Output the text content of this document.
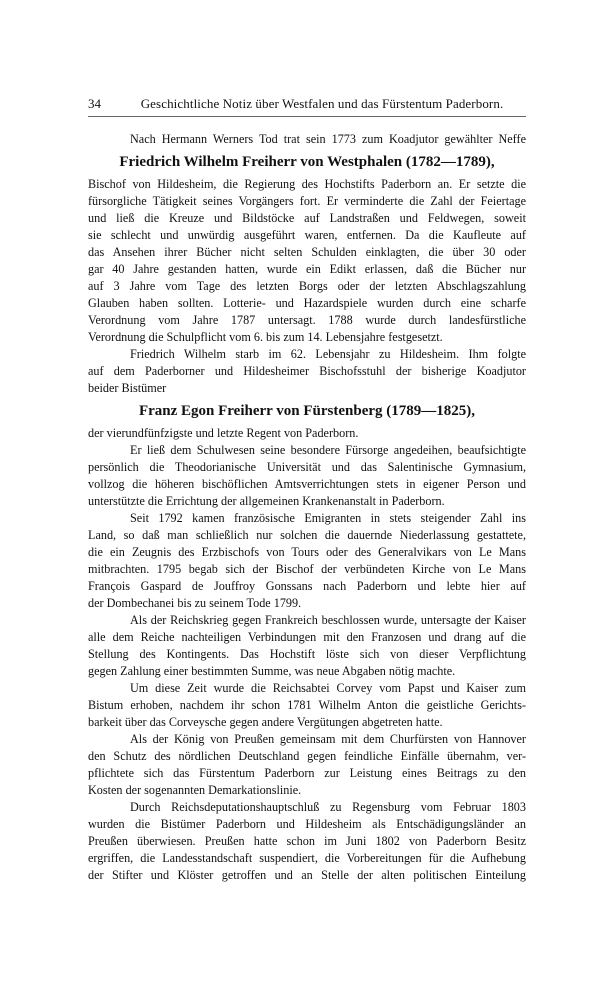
34	Geschichtliche Notiz über Westfalen und das Fürstentum Paderborn.
Nach Hermann Werners Tod trat sein 1773 zum Koadjutor gewählter Neffe
Friedrich Wilhelm Freiherr von Westphalen (1782—1789),
Bischof von Hildesheim, die Regierung des Hochstifts Paderborn an. Er setzte die
fürsorgliche Tätigkeit seines Vorgängers fort. Er verminderte die Zahl der Feiertage
und ließ die Kreuze und Bildstöcke auf Landstraßen und Feldwegen, soweit
sie schlecht und unwürdig ausgeführt waren, entfernen. Da die Kaufleute auf
das Ansehen ihrer Bücher nicht selten Schulden einklagten, die über 30 oder
gar 40 Jahre gestanden hatten, wurde ein Edikt erlassen, daß die Bücher nur
auf 3 Jahre vom Tage des letzten Borgs oder der letzten Abschlagszahlung
Glauben haben sollten. Lotterie- und Hazardspiele wurden durch eine scharfe
Verordnung vom Jahre 1787 untersagt. 1788 wurde durch landesfürstliche
Verordnung die Schulpflicht vom 6. bis zum 14. Lebensjahre festgesetzt.
Friedrich Wilhelm starb im 62. Lebensjahr zu Hildesheim. Ihm folgte
auf dem Paderborner und Hildesheimer Bischofsstuhl der bisherige Koadjutor
beider Bistümer
Franz Egon Freiherr von Fürstenberg (1789—1825),
der vierundfünfzigste und letzte Regent von Paderborn.
Er ließ dem Schulwesen seine besondere Fürsorge angedeihen, beaufsichtigte
persönlich die Theodorianische Universität und das Salentinische Gymnasium,
vollzog die höheren bischöflichen Amtsverrichtungen stets in eigener Person und
unterstützte die Errichtung der allgemeinen Krankenanstalt in Paderborn.
Seit 1792 kamen französische Emigranten in stets steigender Zahl ins
Land, so daß man schließlich nur solchen die dauernde Niederlassung gestattete,
die ein Zeugnis des Erzbischofs von Tours oder des Generalvikars von Le Mans
mitbrachten. 1795 begab sich der Bischof der verbündeten Kirche von Le Mans
François Gaspard de Jouffroy Gonssans nach Paderborn und lebte hier auf
der Dombechanei bis zu seinem Tode 1799.
Als der Reichskrieg gegen Frankreich beschlossen wurde, untersagte der Kaiser
alle dem Reiche nachteiligen Verbindungen mit den Franzosen und drang auf die
Stellung des Kontingents. Das Hochstift löste sich von dieser Verpflichtung
gegen Zahlung einer bestimmten Summe, was neue Abgaben nötig machte.
Um diese Zeit wurde die Reichsabtei Corvey vom Papst und Kaiser zum
Bistum erhoben, nachdem ihr schon 1781 Wilhelm Anton die geistliche Gerichts-
barkeit über das Corveysche gegen andere Vergütungen abgetreten hatte.
Als der König von Preußen gemeinsam mit dem Churfürsten von Hannover
den Schutz des nördlichen Deutschland gegen feindliche Einfälle übernahm, ver-
pflichtete sich das Fürstentum Paderborn zur Leistung eines Beitrags zu den
Kosten der sogenannten Demarkationslinie.
Durch Reichsdeputationshauptschluß zu Regensburg vom Februar 1803
wurden die Bistümer Paderborn und Hildesheim als Entschädigungsländer an
Preußen überwiesen. Preußen hatte schon im Juni 1802 von Paderborn Besitz
ergriffen, die Landesstandschaft suspendiert, die Vorbereitungen für die Aufhebung
der Stifter und Klöster getroffen und an Stelle der alten politischen Einteilung
